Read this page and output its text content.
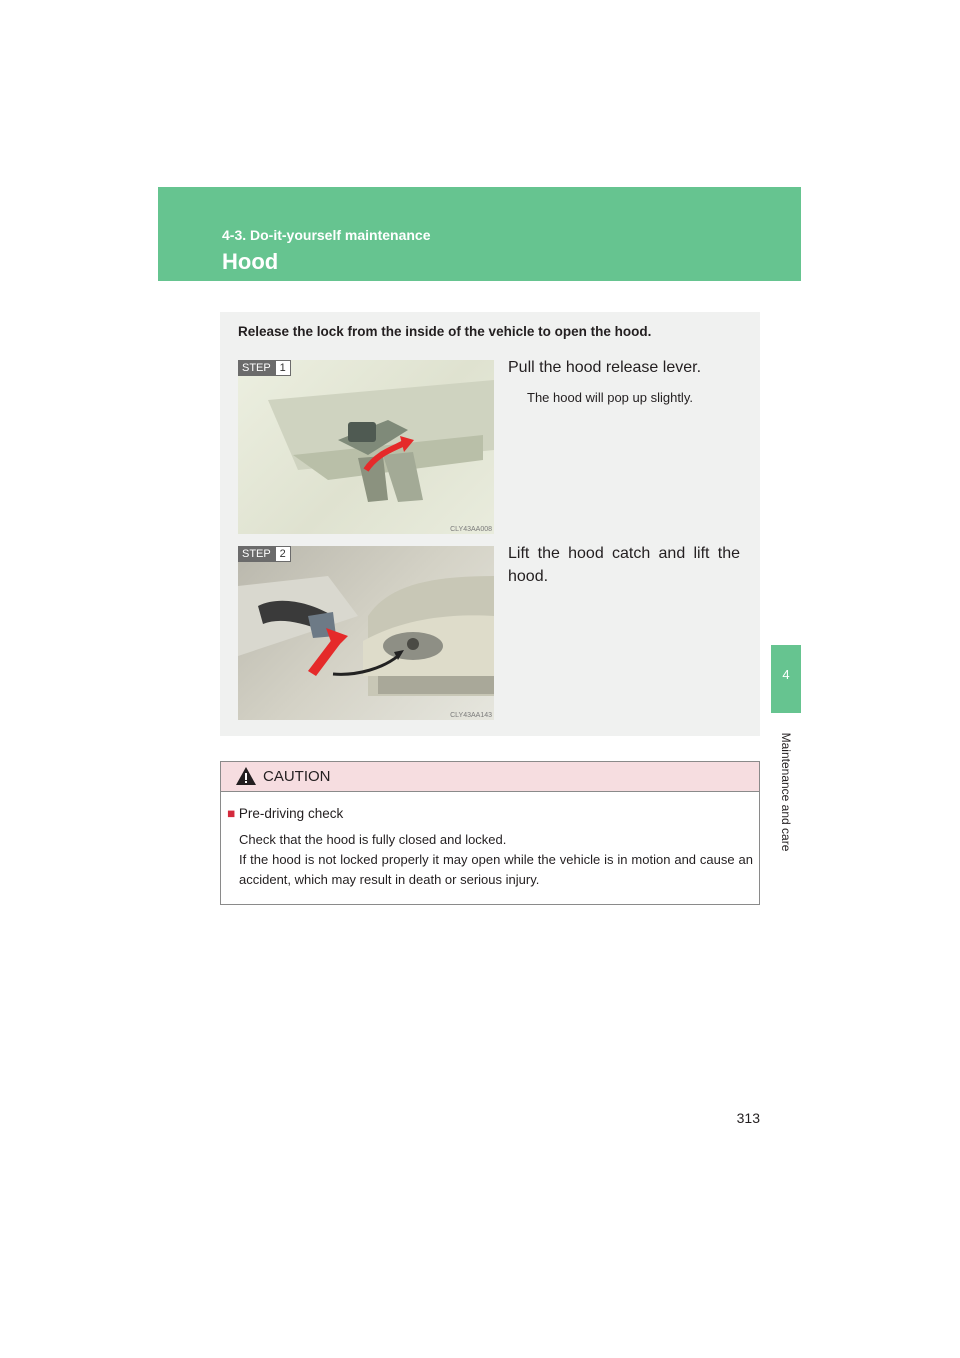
4-3. Do-it-yourself maintenance
Hood
4
Maintenance and care
Release the lock from the inside of the vehicle to open the hood.
STEP 1
CLY43AA008
Pull the hood release lever.
The hood will pop up slightly.
STEP 2
CLY43AA143
Lift the hood catch and lift the hood.
CAUTION
■ Pre-driving check

Check that the hood is fully closed and locked.

If the hood is not locked properly it may open while the vehicle is in motion and cause an accident, which may result in death or serious injury.

313
